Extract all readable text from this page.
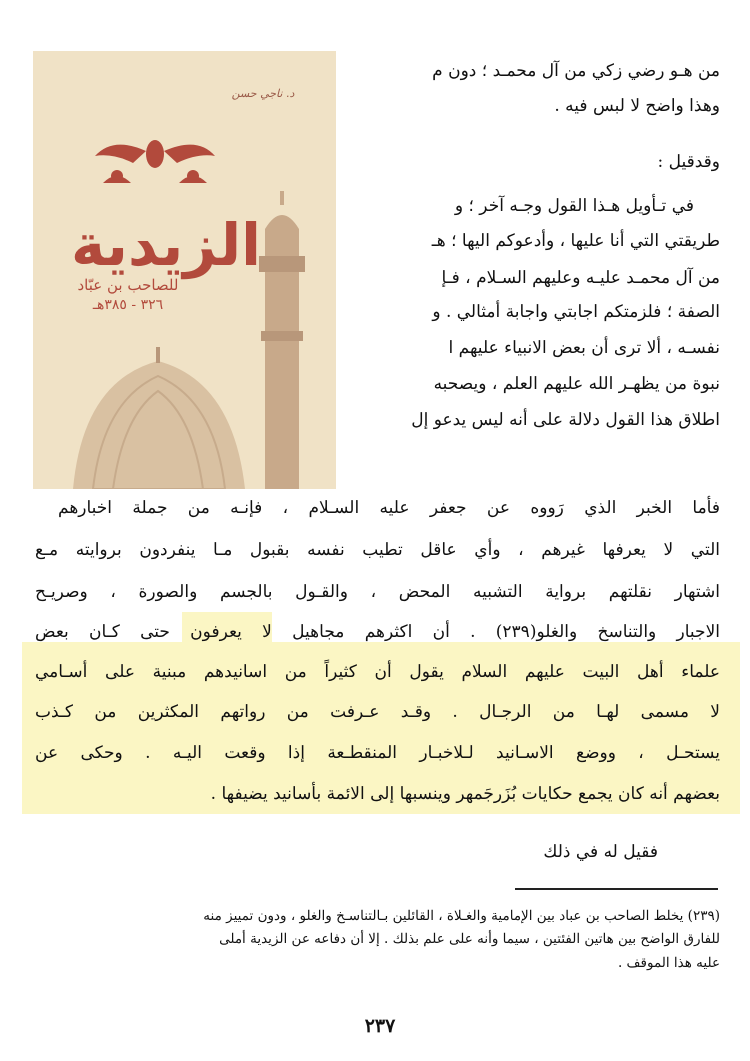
د. ناجي حسن
الزيدية
للصاحب بن عبّاد
٣٢٦ - ٣٨٥هـ
من هـو رضي زكي من آل محمـد ؛ دون م
وهذا واضح لا لبس فيه .
وقدقيل :
في تـأويل هـذا القول وجـه آخر ؛ و
طريقتي التي أنا عليها ، وأدعوكم اليها ؛ هـ
من آل محمـد عليـه وعليهم السـلام ، فـإ
الصفة ؛ فلزمتكم اجابتي واجابة أمثالي . و
نفسـه ، ألا ترى أن بعض الانبياء عليهم ا
نبوة من يظهـر الله عليهم العلم ، ويصحبه
اطلاق هذا القول دلالة على أنه ليس يدعو إل
فأما الخبر الذي رَووه عن جعفر عليه السـلام ، فإنـه من جملة اخبارهم
التي لا يعرفها غيرهم ، وأي عاقل تطيب نفسه بقبول مـا ينفردون بروايته مـع
اشتهار نقلتهم برواية التشبيه المحض ، والقـول بالجسم والصورة ، وصريـح
الاجبار والتناسخ والغلو(٢٣٩) . أن اكثرهم مجاهيل لا يعرفون حتى كـان بعض
علماء أهل البيت عليهم السلام يقول أن كثيراً من اسانيدهم مبنية على أسـامي
لا مسمى لهـا من الرجـال . وقـد عـرفت من رواتهم المكثرين من كـذب
يستحـل ، ووضع الاسـانيد لـلاخبـار المنقطـعة إذا وقعت اليـه . وحكى عن
بعضهم أنه كان يجمع حكايات بُزَرجَمهر وينسبها إلى الائمة بأسانيد يضيفها .
فقيل له في ذلك
(٢٣٩) يخلط الصاحب بن عباد بين الإمامية والغـلاة ، القائلين بـالتناسـخ والغلو ، ودون تمييز منه
للفارق الواضح بين هاتين الفئتين ، سيما وأنه على علم بذلك . إلا أن دفاعه عن الزيدية أملى
عليه هذا الموقف .
٢٣٧
